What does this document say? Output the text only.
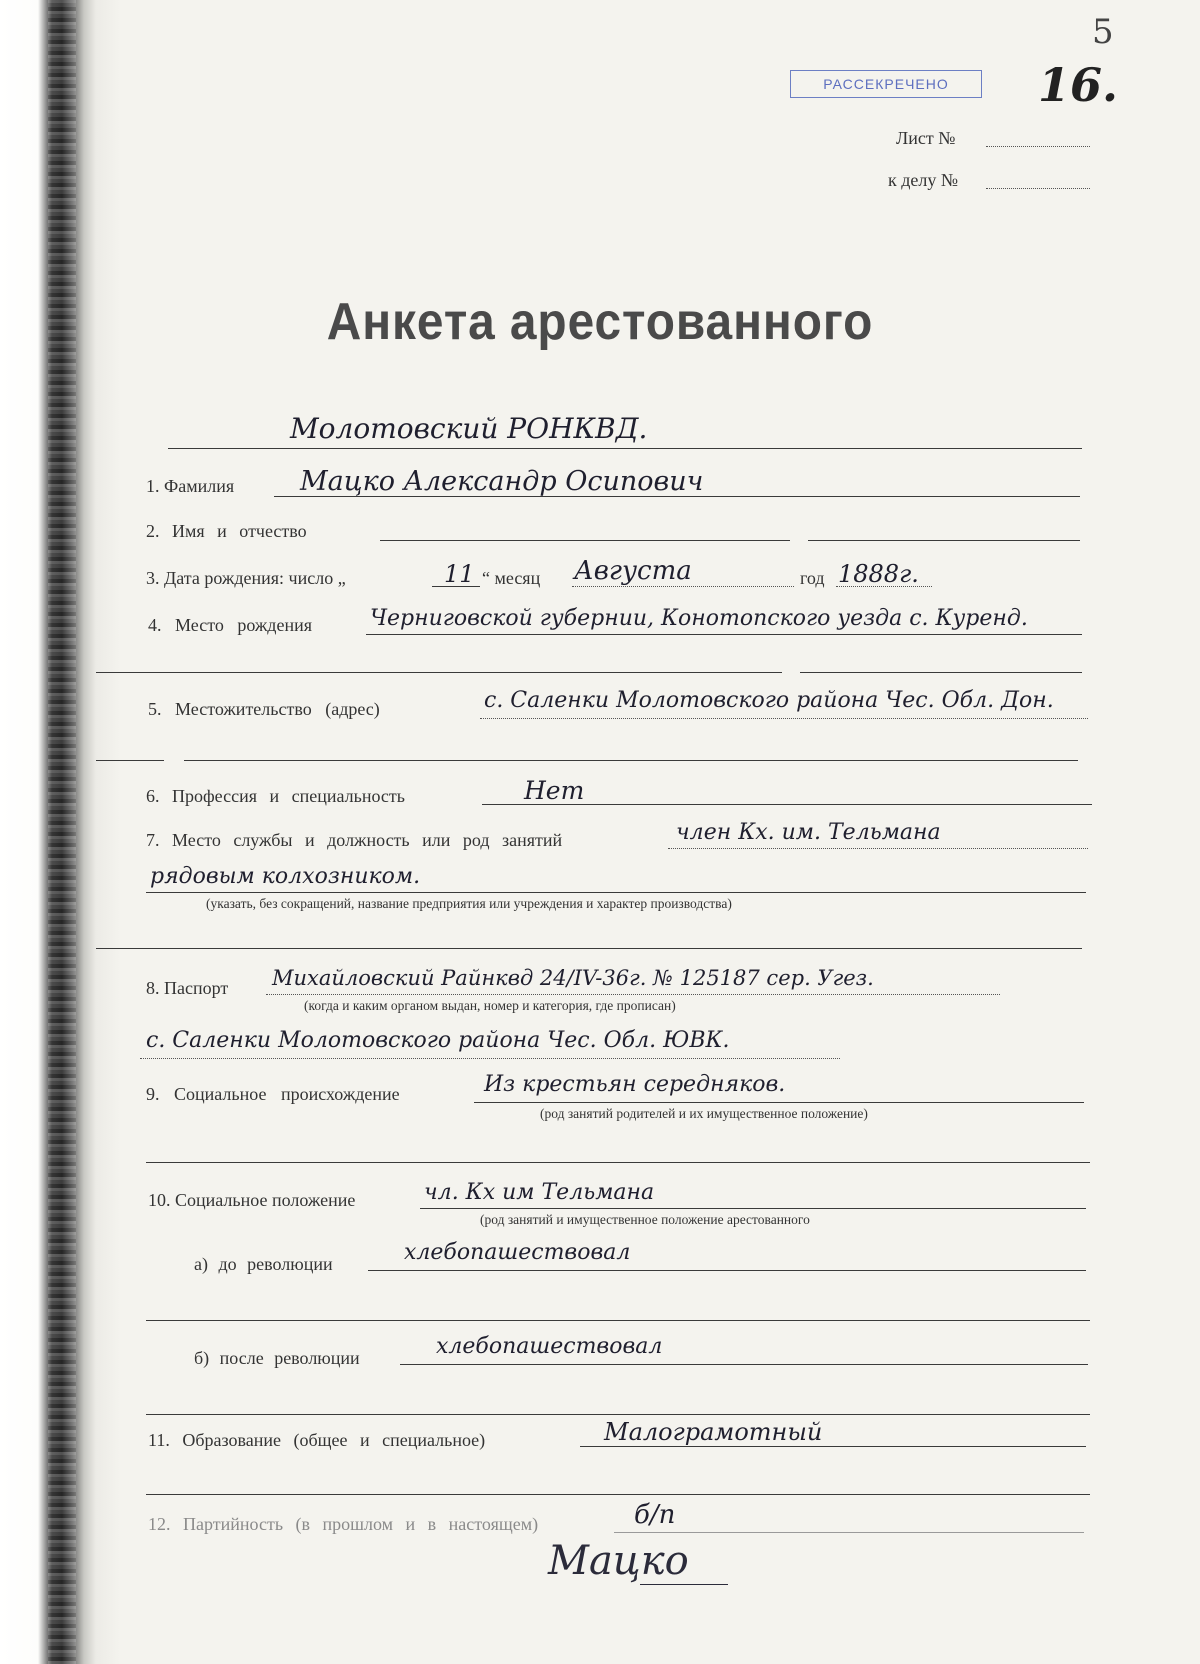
5
16.
РАССЕКРЕЧЕНО
Лист №
к делу №
Анкета арестованного
Молотовский РОНКВД.
1. Фамилия Мацко Александр Осипович
2. Имя и отчество
3. Дата рождения: число „	11 “ месяц Августа	год 1888г.
4. Место рождения	Черниговской губернии, Конотопского уезда с. Куренд.
5. Местожительство (адрес)	с. Саленки Молотовского района Чес. Обл. Дон.
6. Профессия и специальность	Нет
7. Место службы и должность или род занятий	член Кх. им. Тельмана
рядовым колхозником.
(указать, без сокращений, название предприятия или учреждения и характер производства)
8. Паспорт Михайловский Райнквд 24/IV-36г. № 125187 сер. Угез.
(когда и каким органом выдан, номер и категория, где прописан)
с. Саленки Молотовского района Чес. Обл. ЮВК.
9. Социальное происхождение	Из крестьян середняков.
(род занятий родителей и их имущественное положение)
10. Социальное положение	чл. Кх им Тельмана
(род занятий и имущественное положение арестованного
а) до революции	хлебопашествовал
б) после революции	хлебопашествовал
11. Образование (общее и специальное)	Малограмотный
12. Партийность (в прошлом и в настоящем)	б/п
Мацко
